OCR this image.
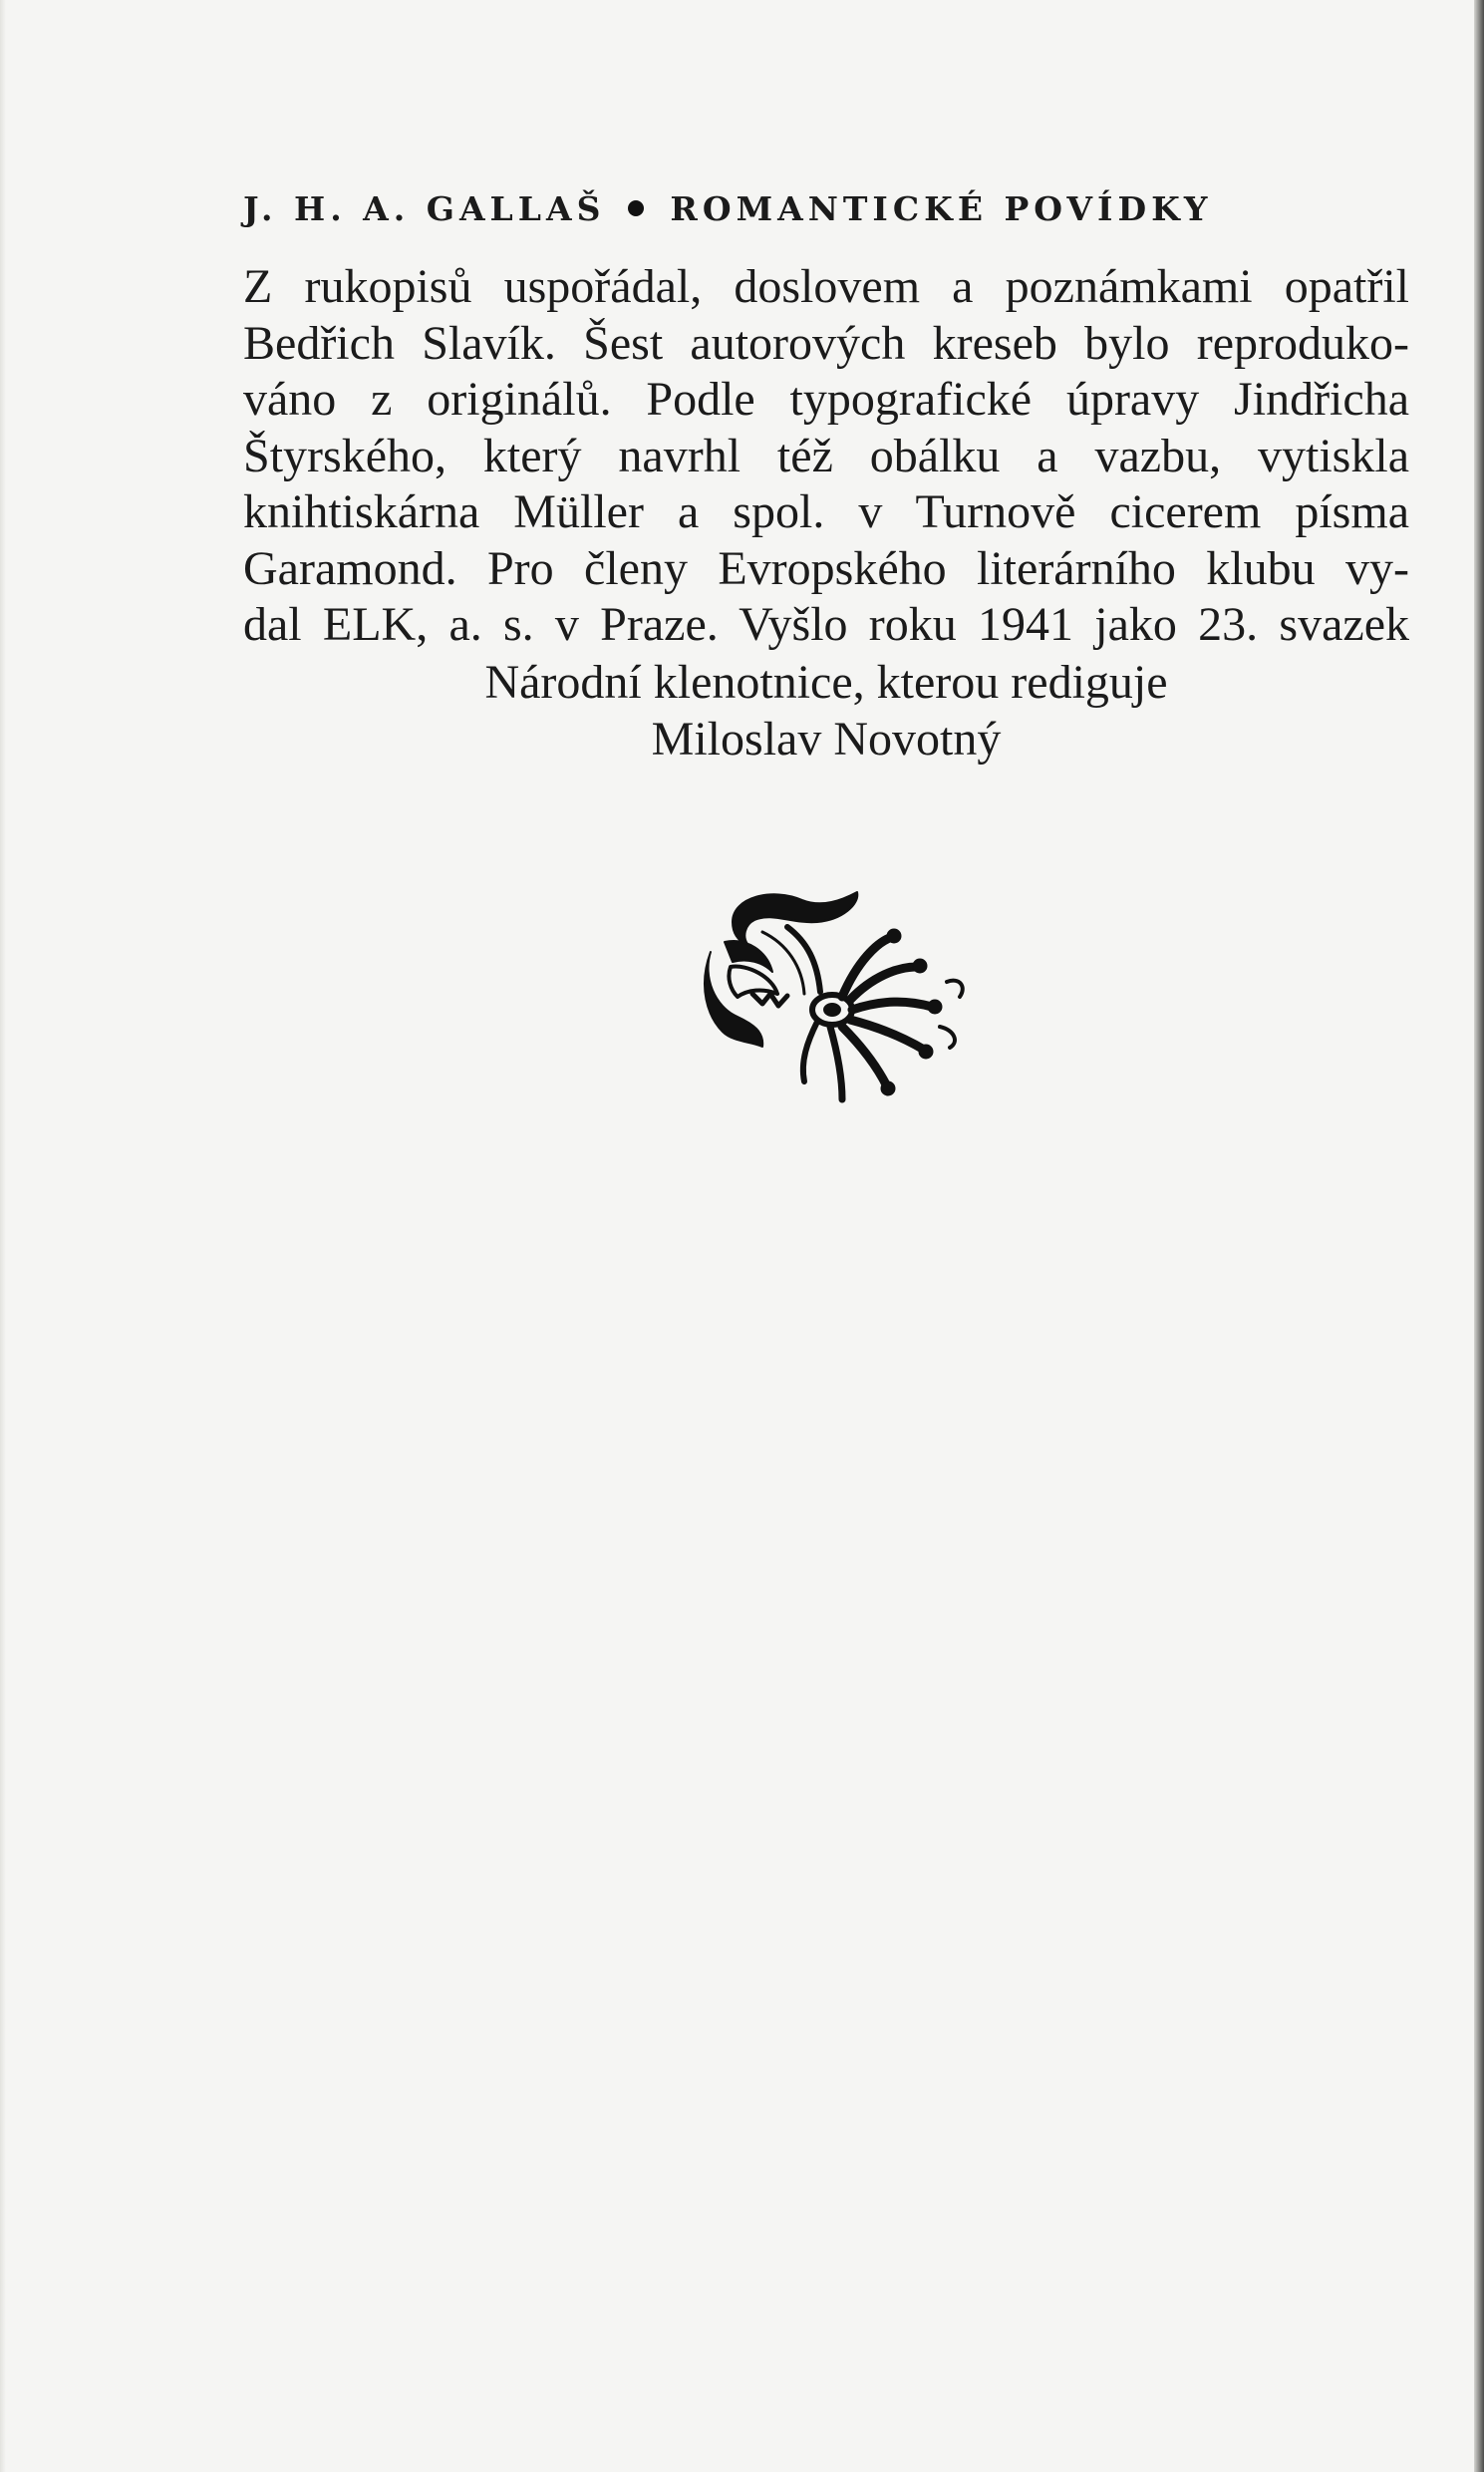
J. H. A. GALLAŠ ROMANTICKÉ POVÍDKY

Z rukopisů uspořádal, doslovem a poznámkami opatřil
Bedřich Slavík. Šest autorových kreseb bylo reproduko-
váno z originálů. Podle typografické úpravy Jindřicha
Štyrského, který navrhl též obálku a vazbu, vytiskla
knihtiskárna Müller a spol. v Turnově cicerem písma
Garamond. Pro členy Evropského literárního klubu vy-
dal ELK, a. s. v Praze. Vyšlo roku 1941 jako 23. svazek

Národní klenotnice, kterou rediguje

Miloslav Novotný
